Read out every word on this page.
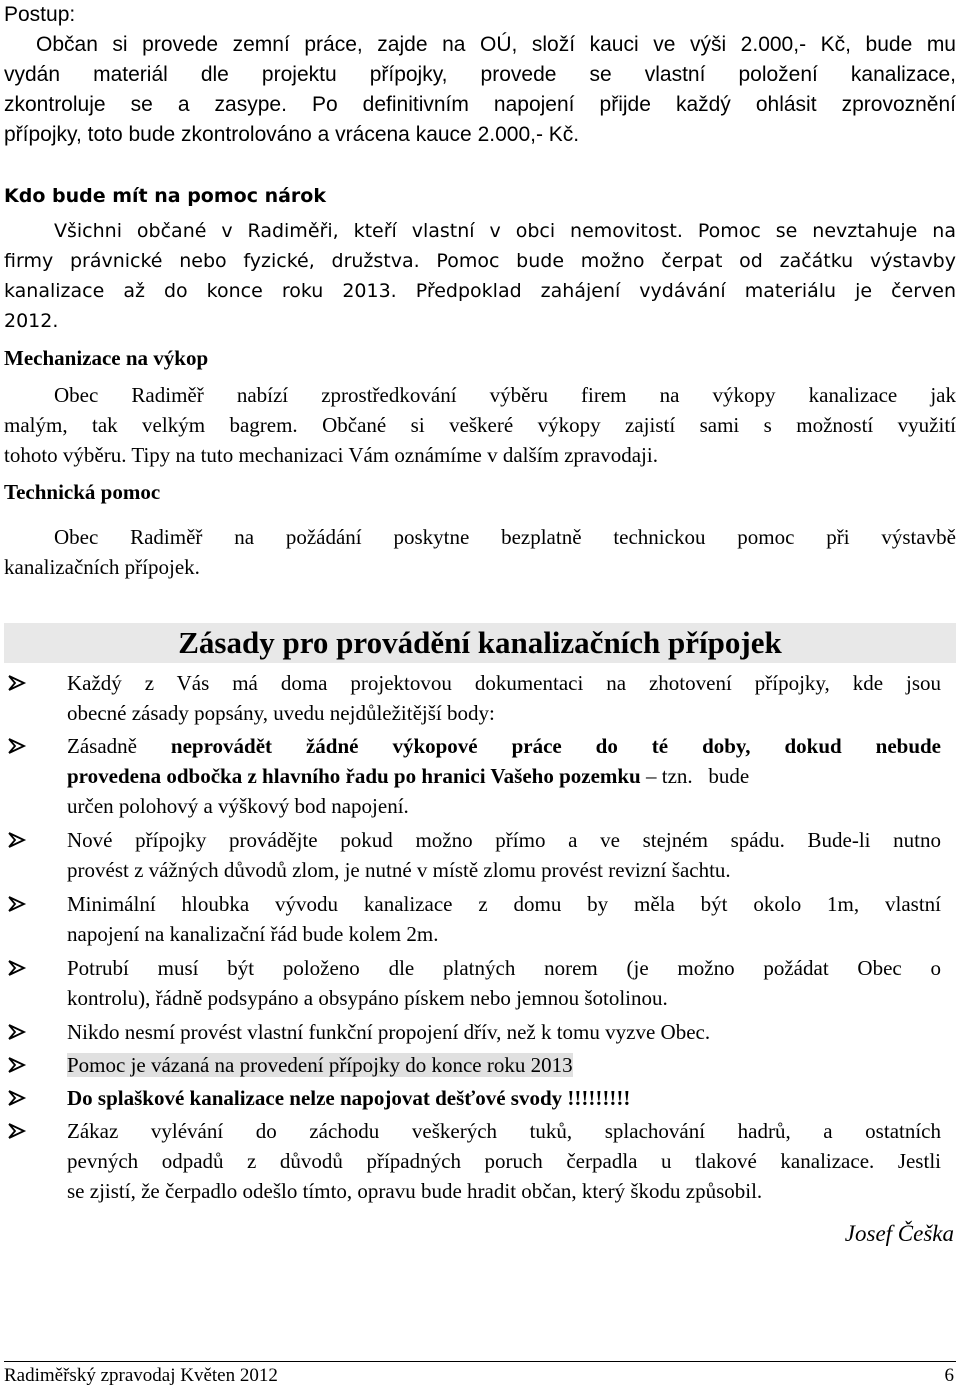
Postup:
Občan si provede zemní práce, zajde na OÚ, složí kauci ve výši 2.000,- Kč, bude mu
vydán materiál dle projektu přípojky, provede se vlastní položení kanalizace,
zkontroluje se a zasype. Po definitivním napojení přijde každý ohlásit zprovoznění
přípojky, toto bude zkontrolováno a vrácena kauce 2.000,- Kč.
Kdo bude mít na pomoc nárok
Všichni občané v Radiměři, kteří vlastní v obci nemovitost. Pomoc se nevztahuje na
firmy právnické nebo fyzické, družstva. Pomoc bude možno čerpat od začátku výstavby
kanalizace až do konce roku 2013. Předpoklad zahájení vydávání materiálu je červen
2012.
Mechanizace na výkop
Obec Radiměř nabízí zprostředkování výběru firem na výkopy kanalizace jak
malým, tak velkým bagrem. Občané si veškeré výkopy zajistí sami s možností využití
tohoto výběru. Tipy na tuto mechanizaci Vám oznámíme v dalším zpravodaji.
Technická pomoc
Obec Radiměř na požádání poskytne bezplatně technickou pomoc při výstavbě
kanalizačních přípojek.
Zásady pro provádění kanalizačních přípojek
Každý z Vás má doma projektovou dokumentaci na zhotovení přípojky, kde jsou
obecné zásady popsány, uvedu nejdůležitější body:
Zásadně neprovádět žádné výkopové práce do té doby, dokud nebude
provedena odbočka z hlavního řadu po hranici Vašeho pozemku – tzn.   bude
určen polohový a výškový bod napojení.
Nové přípojky provádějte pokud možno přímo a ve stejném spádu. Bude-li nutno
provést z vážných důvodů zlom, je nutné v místě zlomu provést revizní šachtu.
Minimální hloubka vývodu kanalizace z domu by měla být okolo 1m, vlastní
napojení na kanalizační řád bude kolem 2m.
Potrubí musí být položeno dle platných norem (je možno požádat Obec o
kontrolu), řádně podsypáno a obsypáno pískem nebo jemnou šotolinou.
Nikdo nesmí provést vlastní funkční propojení dřív, než k tomu vyzve Obec.
Pomoc je vázaná na provedení přípojky do konce roku 2013
Do splaškové kanalizace nelze napojovat dešťové svody !!!!!!!!!
Zákaz vylévání do záchodu veškerých tuků, splachování hadrů, a ostatních
pevných odpadů z důvodů případných poruch čerpadla u tlakové kanalizace. Jestli
se zjistí, že čerpadlo odešlo tímto, opravu bude hradit občan, který škodu způsobil.
Josef Češka
Radiměřský zpravodaj Květen 2012	6
